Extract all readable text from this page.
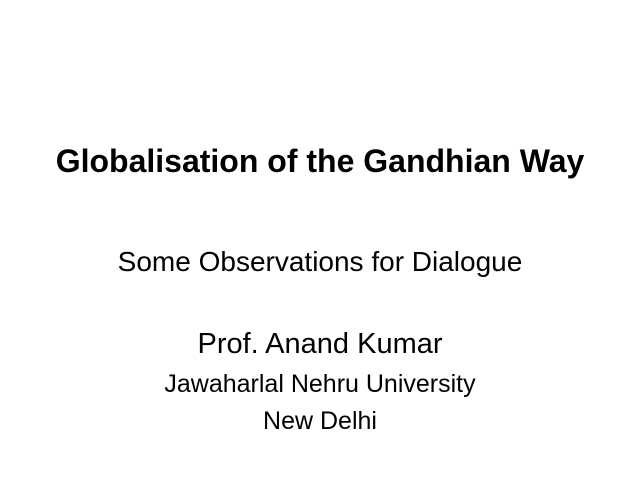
Globalisation of the Gandhian Way
Some Observations for Dialogue
Prof. Anand Kumar
Jawaharlal Nehru University
New Delhi
